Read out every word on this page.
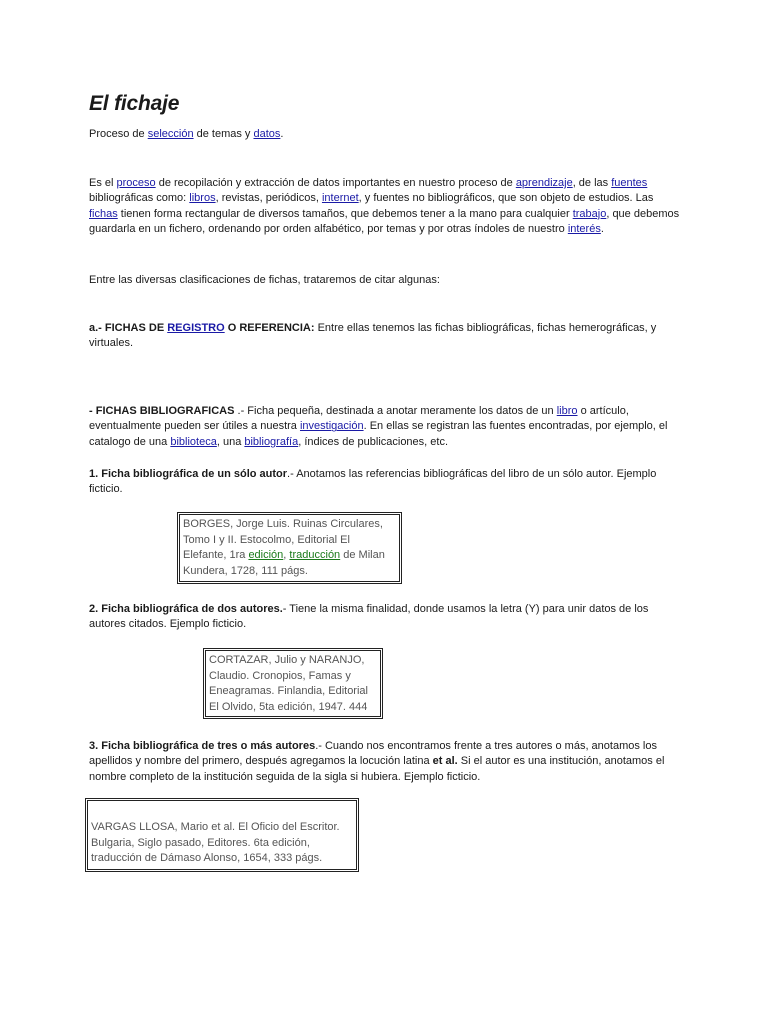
El fichaje

Proceso de selección de temas y datos.

Es el proceso de recopilación y extracción de datos importantes en nuestro proceso de aprendizaje, de las fuentes bibliográficas como: libros, revistas, periódicos, internet, y fuentes no bibliográficos, que son objeto de estudios. Las fichas tienen forma rectangular de diversos tamaños, que debemos tener a la mano para cualquier trabajo, que debemos guardarla en un fichero, ordenando por orden alfabético, por temas y por otras índoles de nuestro interés.

Entre las diversas clasificaciones de fichas, trataremos de citar algunas:

a.- FICHAS DE REGISTRO O REFERENCIA: Entre ellas tenemos las fichas bibliográficas, fichas hemerográficas, y virtuales.

- FICHAS BIBLIOGRAFICAS .- Ficha pequeña, destinada a anotar meramente los datos de un libro o artículo, eventualmente pueden ser útiles a nuestra investigación. En ellas se registran las fuentes encontradas, por ejemplo, el catalogo de una biblioteca, una bibliografía, índices de publicaciones, etc.

1. Ficha bibliográfica de un sólo autor.- Anotamos las referencias bibliográficas del libro de un sólo autor. Ejemplo ficticio.

BORGES, Jorge Luis. Ruinas Circulares, Tomo I y II. Estocolmo, Editorial El Elefante, 1ra edición, traducción de Milan Kundera, 1728, 111 págs.

2. Ficha bibliográfica de dos autores.- Tiene la misma finalidad, donde usamos la letra (Y) para unir datos de los autores citados. Ejemplo ficticio.

CORTAZAR, Julio y NARANJO, Claudio. Cronopios, Famas y Eneagramas. Finlandia, Editorial El Olvido, 5ta edición, 1947. 444

3. Ficha bibliográfica de tres o más autores.- Cuando nos encontramos frente a tres autores o más, anotamos los apellidos y nombre del primero, después agregamos la locución latina et al. Si el autor es una institución, anotamos el nombre completo de la institución seguida de la sigla si hubiera. Ejemplo ficticio.

VARGAS LLOSA, Mario et al. El Oficio del Escritor. Bulgaria, Siglo pasado, Editores. 6ta edición, traducción de Dámaso Alonso, 1654, 333 págs.
